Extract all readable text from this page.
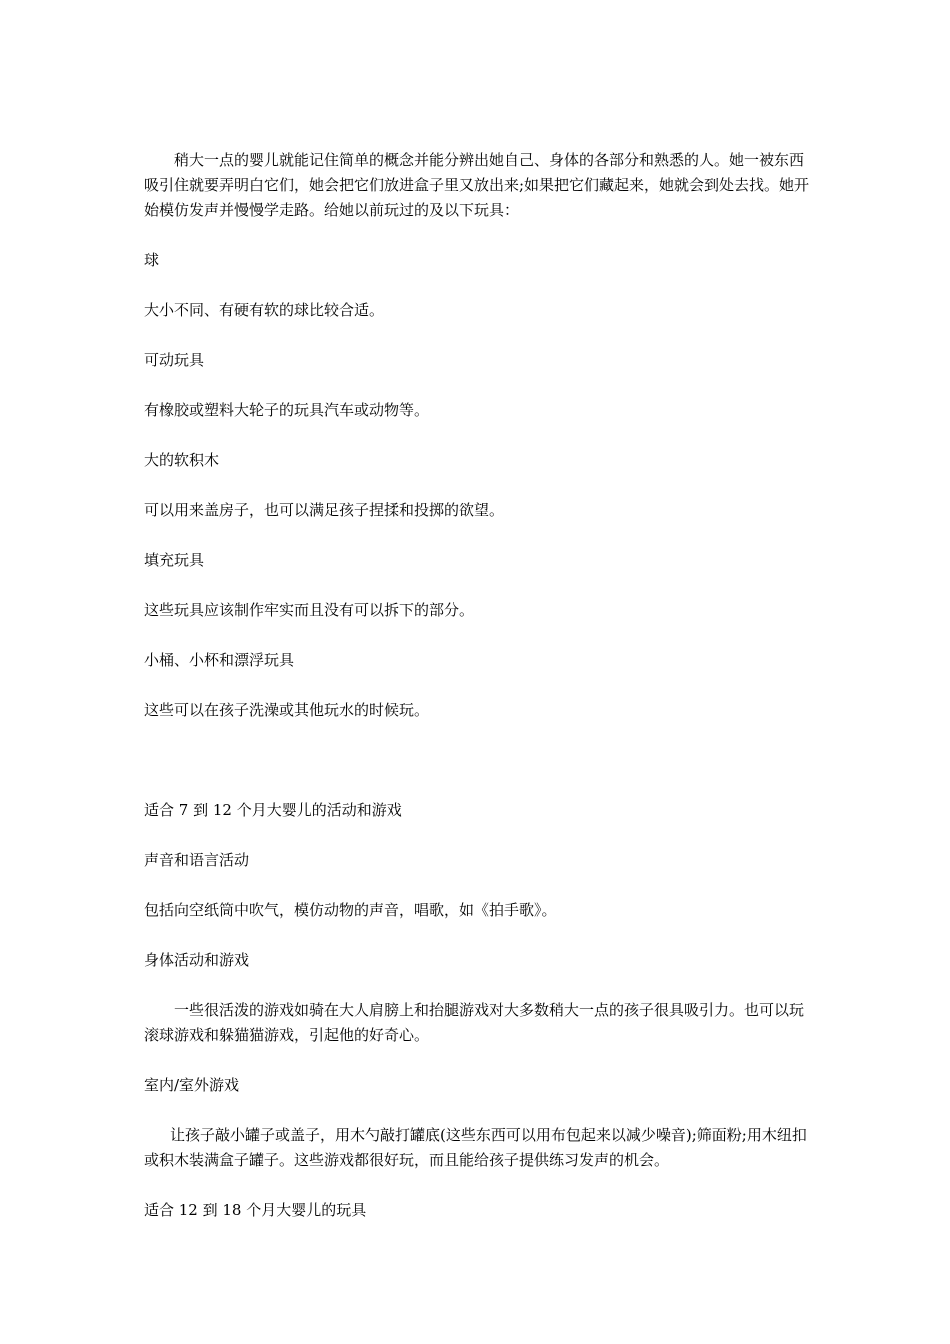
稍大一点的婴儿就能记住简单的概念并能分辨出她自己、身体的各部分和熟悉的人。她一被东西吸引住就要弄明白它们，她会把它们放进盒子里又放出来;如果把它们藏起来，她就会到处去找。她开始模仿发声并慢慢学走路。给她以前玩过的及以下玩具：

球

大小不同、有硬有软的球比较合适。

可动玩具

有橡胶或塑料大轮子的玩具汽车或动物等。

大的软积木

可以用来盖房子，也可以满足孩子捏揉和投掷的欲望。

填充玩具

这些玩具应该制作牢实而且没有可以拆下的部分。

小桶、小杯和漂浮玩具

这些可以在孩子洗澡或其他玩水的时候玩。

适合 7 到 12 个月大婴儿的活动和游戏

声音和语言活动

包括向空纸筒中吹气，模仿动物的声音，唱歌，如《拍手歌》。

身体活动和游戏

一些很活泼的游戏如骑在大人肩膀上和抬腿游戏对大多数稍大一点的孩子很具吸引力。也可以玩滚球游戏和躲猫猫游戏，引起他的好奇心。

室内/室外游戏

让孩子敲小罐子或盖子，用木勺敲打罐底(这些东西可以用布包起来以减少噪音);筛面粉;用木纽扣或积木装满盒子罐子。这些游戏都很好玩，而且能给孩子提供练习发声的机会。

适合 12 到 18 个月大婴儿的玩具
